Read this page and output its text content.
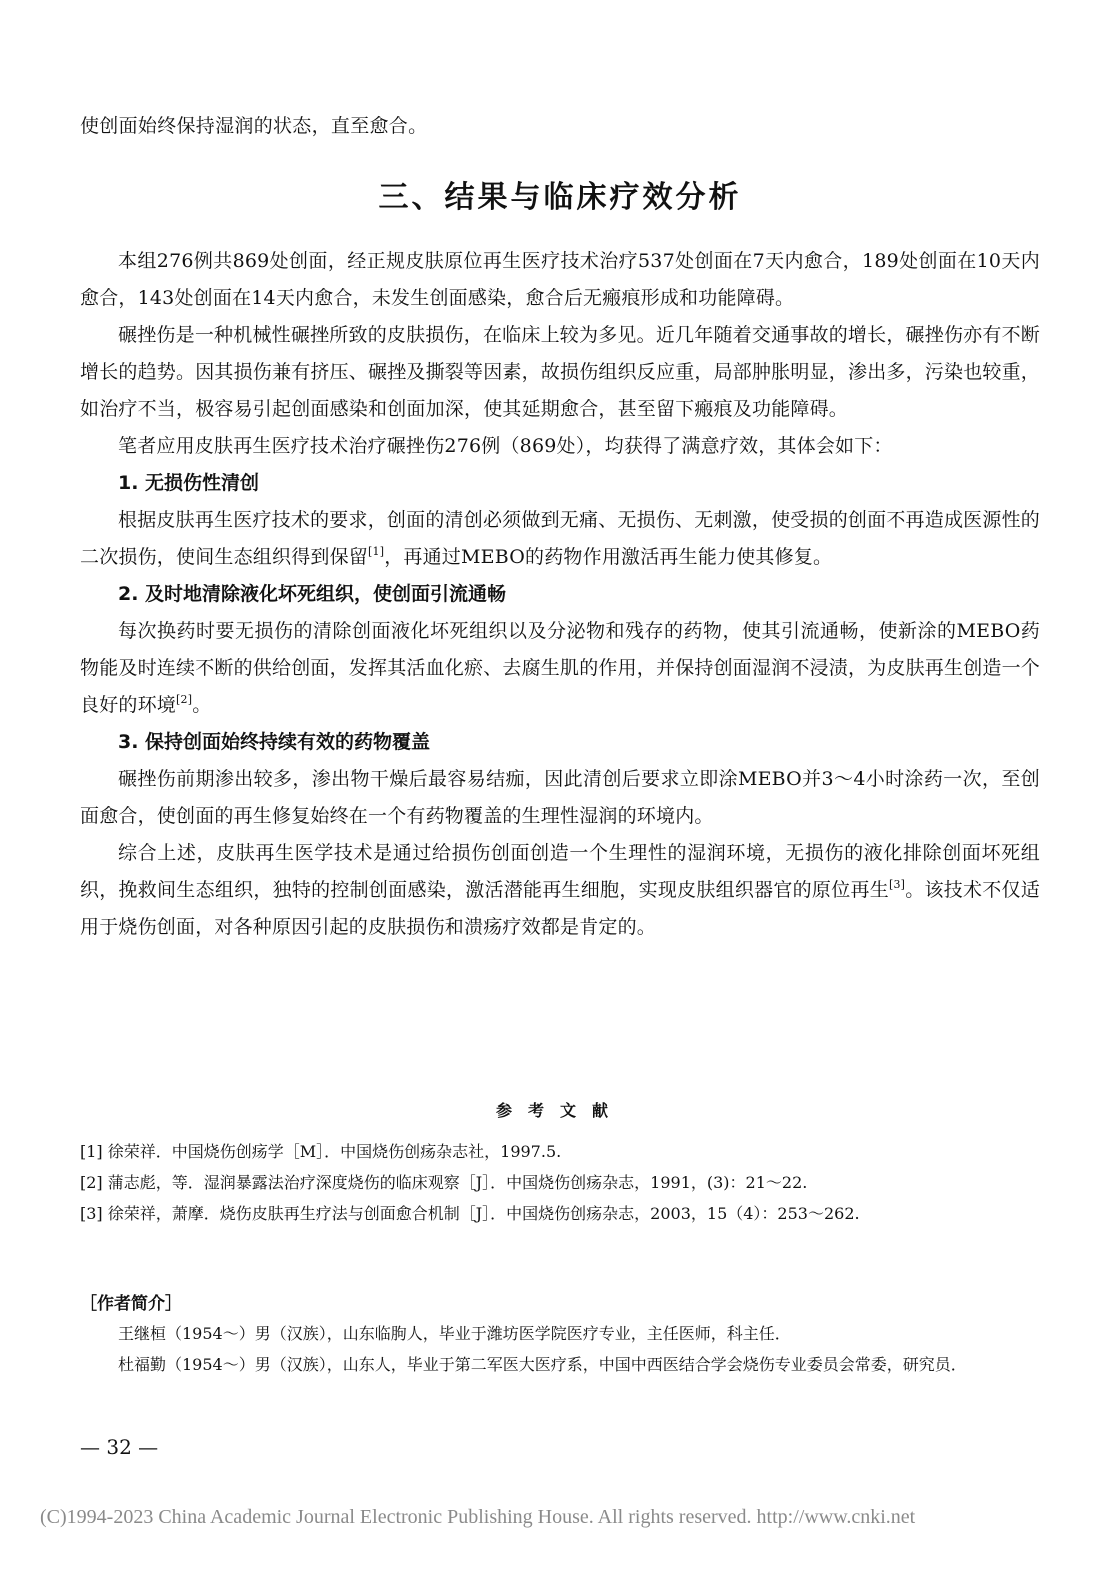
使创面始终保持湿润的状态，直至愈合。
三、结果与临床疗效分析

本组276例共869处创面，经正规皮肤原位再生医疗技术治疗537处创面在7天内愈合，189处创面在10天内愈合，143处创面在14天内愈合，未发生创面感染，愈合后无瘢痕形成和功能障碍。

碾挫伤是一种机械性碾挫所致的皮肤损伤，在临床上较为多见。近几年随着交通事故的增长，碾挫伤亦有不断增长的趋势。因其损伤兼有挤压、碾挫及撕裂等因素，故损伤组织反应重，局部肿胀明显，渗出多，污染也较重，如治疗不当，极容易引起创面感染和创面加深，使其延期愈合，甚至留下瘢痕及功能障碍。

笔者应用皮肤再生医疗技术治疗碾挫伤276例（869处），均获得了满意疗效，其体会如下：

1. 无损伤性清创

根据皮肤再生医疗技术的要求，创面的清创必须做到无痛、无损伤、无刺激，使受损的创面不再造成医源性的二次损伤，使间生态组织得到保留[1]，再通过MEBO的药物作用激活再生能力使其修复。

2. 及时地清除液化坏死组织，使创面引流通畅

每次换药时要无损伤的清除创面液化坏死组织以及分泌物和残存的药物，使其引流通畅，使新涂的MEBO药物能及时连续不断的供给创面，发挥其活血化瘀、去腐生肌的作用，并保持创面湿润不浸渍，为皮肤再生创造一个良好的环境[2]。

3. 保持创面始终持续有效的药物覆盖

碾挫伤前期渗出较多，渗出物干燥后最容易结痂，因此清创后要求立即涂MEBO并3～4小时涂药一次，至创面愈合，使创面的再生修复始终在一个有药物覆盖的生理性湿润的环境内。

综合上述，皮肤再生医学技术是通过给损伤创面创造一个生理性的湿润环境，无损伤的液化排除创面坏死组织，挽救间生态组织，独特的控制创面感染，激活潜能再生细胞，实现皮肤组织器官的原位再生[3]。该技术不仅适用于烧伤创面，对各种原因引起的皮肤损伤和溃疡疗效都是肯定的。

参考文献

[1] 徐荣祥．中国烧伤创疡学［M］．中国烧伤创疡杂志社，1997.5.

[2] 蒲志彪，等．湿润暴露法治疗深度烧伤的临床观察［J］．中国烧伤创疡杂志，1991，(3)：21～22.

[3] 徐荣祥，萧摩．烧伤皮肤再生疗法与创面愈合机制［J］．中国烧伤创疡杂志，2003，15（4）：253～262.

［作者简介］

王继桓（1954～）男（汉族），山东临朐人，毕业于潍坊医学院医疗专业，主任医师，科主任．

杜福勤（1954～）男（汉族），山东人，毕业于第二军医大医疗系，中国中西医结合学会烧伤专业委员会常委，研究员．

— 32 —
(C)1994-2023 China Academic Journal Electronic Publishing House. All rights reserved. http://www.cnki.net
